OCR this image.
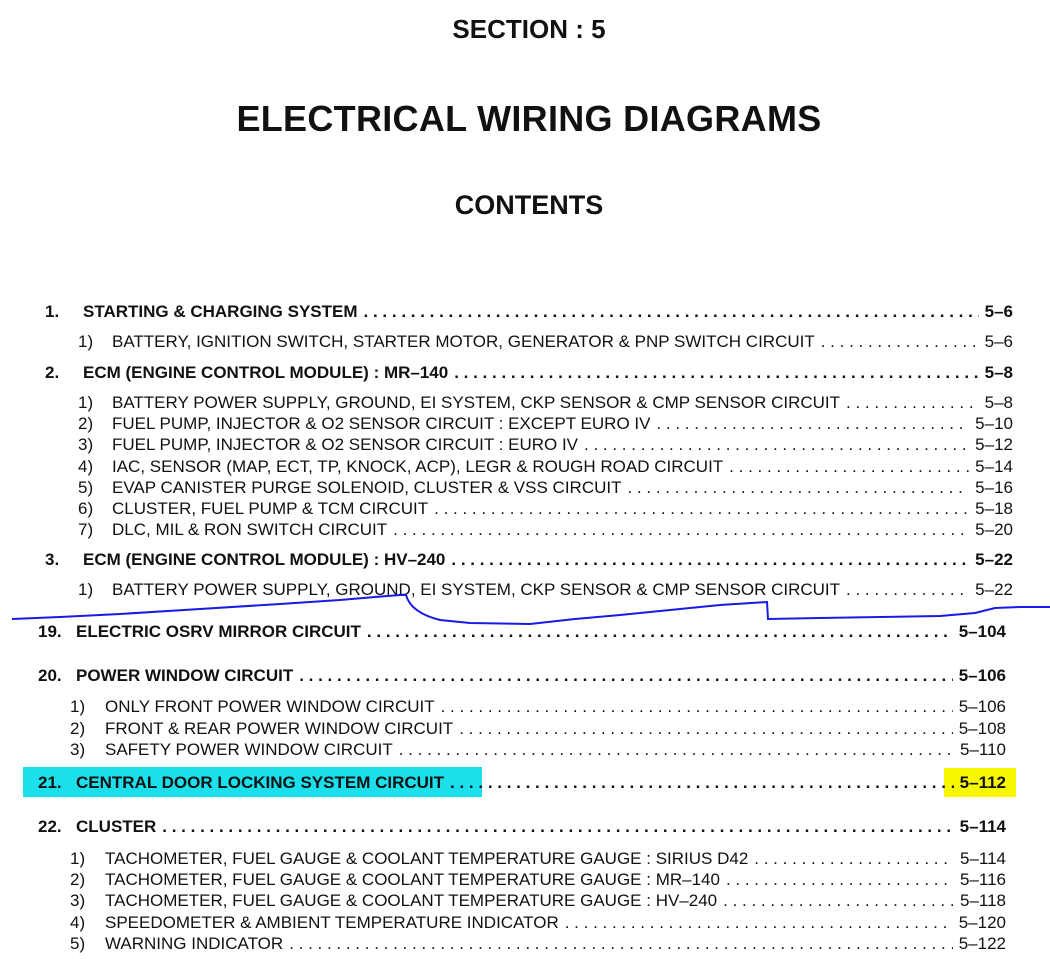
SECTION : 5
ELECTRICAL WIRING DIAGRAMS
CONTENTS
1.	STARTING & CHARGING SYSTEM . . .	5–6
1)	BATTERY, IGNITION SWITCH, STARTER MOTOR, GENERATOR & PNP SWITCH CIRCUIT . . .	5–6
2.	ECM (ENGINE CONTROL MODULE) : MR–140 . . .	5–8
1)	BATTERY POWER SUPPLY, GROUND, EI SYSTEM, CKP SENSOR & CMP SENSOR CIRCUIT . . .	5–8
2)	FUEL PUMP, INJECTOR & O2 SENSOR CIRCUIT : EXCEPT EURO IV . . .	5–10
3)	FUEL PUMP, INJECTOR & O2 SENSOR CIRCUIT : EURO IV . . .	5–12
4)	IAC, SENSOR (MAP, ECT, TP, KNOCK, ACP), LEGR & ROUGH ROAD CIRCUIT . . .	5–14
5)	EVAP CANISTER PURGE SOLENOID, CLUSTER & VSS CIRCUIT . . .	5–16
6)	CLUSTER, FUEL PUMP & TCM CIRCUIT . . .	5–18
7)	DLC, MIL & RON SWITCH CIRCUIT . . .	5–20
3.	ECM (ENGINE CONTROL MODULE) : HV–240 . . .	5–22
1)	BATTERY POWER SUPPLY, GROUND, EI SYSTEM, CKP SENSOR & CMP SENSOR CIRCUIT . . .	5–22
19. ELECTRIC OSRV MIRROR CIRCUIT . . .	5–104
20. POWER WINDOW CIRCUIT . . .	5–106
1)	ONLY FRONT POWER WINDOW CIRCUIT . . .	5–106
2)	FRONT & REAR POWER WINDOW CIRCUIT . . .	5–108
3)	SAFETY POWER WINDOW CIRCUIT . . .	5–110
21. CENTRAL DOOR LOCKING SYSTEM CIRCUIT . . .	5–112
22. CLUSTER . . .	5–114
1)	TACHOMETER, FUEL GAUGE & COOLANT TEMPERATURE GAUGE : SIRIUS D42 . . .	5–114
2)	TACHOMETER, FUEL GAUGE & COOLANT TEMPERATURE GAUGE : MR–140 . . .	5–116
3)	TACHOMETER, FUEL GAUGE & COOLANT TEMPERATURE GAUGE : HV–240 . . .	5–118
4)	SPEEDOMETER & AMBIENT TEMPERATURE INDICATOR . . .	5–120
5)	WARNING INDICATOR . . .	5–122
